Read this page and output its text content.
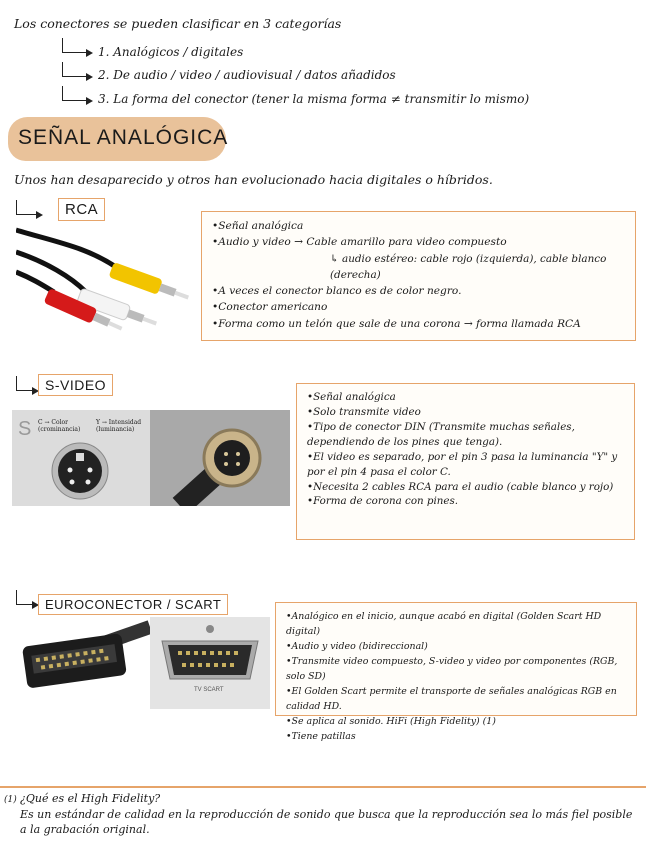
Los conectores se pueden clasificar en 3 categorías
1. Analógicos / digitales
2. De audio / video / audiovisual / datos añadidos
3. La forma del conector (tener la misma forma ≠ transmitir lo mismo)
SEÑAL ANALÓGICA
Unos han desaparecido y otros han evolucionado hacia digitales o híbridos.
RCA
• Señal analógica
• Audio y video → Cable amarillo para video compuesto
↳ audio estéreo: cable rojo (izquierda), cable blanco (derecha)
• A veces el conector blanco es de color negro.
• Conector americano
• Forma como un telón que sale de una corona → forma llamada RCA
S-VIDEO
S C → Color (crominancia)
Y → Intensidad (luminancia)
• Señal analógica
• Solo transmite video
• Tipo de conector DIN (Transmite muchas señales, dependiendo de los pines que tenga).
• El video es separado, por el pin 3 pasa la luminancia "Y" y por el pin 4 pasa el color C.
• Necesita 2 cables RCA para el audio (cable blanco y rojo)
• Forma de corona con pines.
EUROCONECTOR / SCART
TV SCART
• Analógico en el inicio, aunque acabó en digital (Golden Scart HD digital)
• Audio y video (bidireccional)
• Transmite video compuesto, S-video y video por componentes (RGB, solo SD)
• El Golden Scart permite el transporte de señales analógicas RGB en calidad HD.
• Se aplica al sonido. HiFi (High Fidelity) (1)
• Tiene patillas
(1) ¿Qué es el High Fidelity?
Es un estándar de calidad en la reproducción de sonido que busca que la reproducción sea lo más fiel posible a la grabación original.
